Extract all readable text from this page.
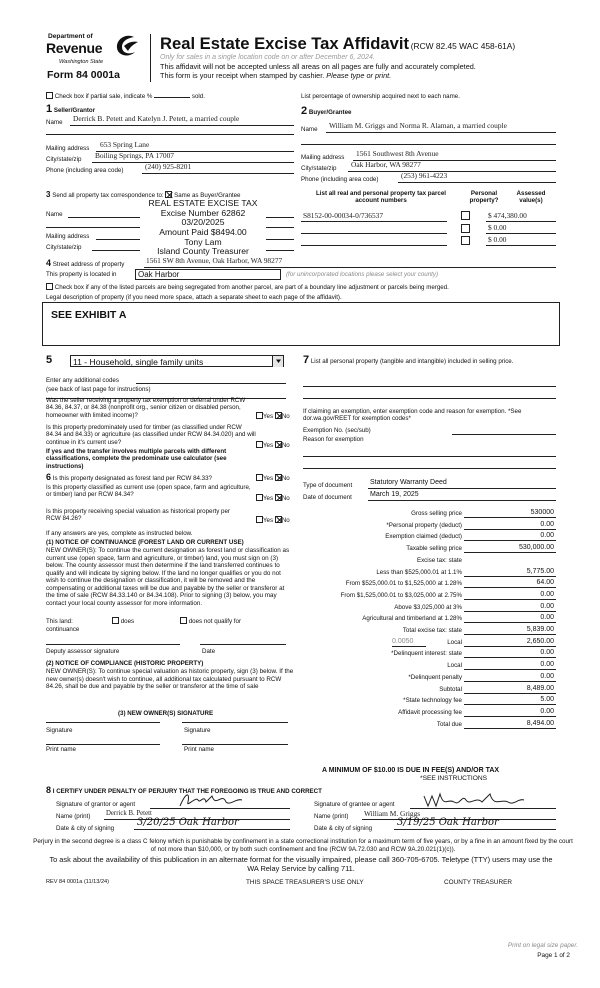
Department of
Revenue
Washington State
Form 84 0001a
Real Estate Excise Tax Affidavit (RCW 82.45 WAC 458-61A)
Only for sales in a single location code on or after December 6, 2024.
This affidavit will not be accepted unless all areas on all pages are fully and accurately completed.
This form is your receipt when stamped by cashier. Please type or print.
Check box if partial sale, indicate %	sold.	List percentage of ownership acquired next to each name.
1 Seller/Grantor
Name	Derrick B. Petett and Katelyn J. Petett, a married couple
Mailing address	653 Spring Lane
City/state/zip	Boiling Springs, PA 17007
Phone (including area code)	(240) 925-8201
2 Buyer/Grantee
Name	William M. Griggs and Norma R. Alaman, a married couple
Mailing address	1561 Southwest 8th Avenue
City/state/zip	Oak Harbor, WA 98277
Phone (including area code)	(253) 961-4223
3 Send all property tax correspondence to: Same as Buyer/Grantee
Name
Mailing address
City/state/zip
REAL ESTATE EXCISE TAX
Excise Number 62862
03/20/2025
Amount Paid $8494.00
Tony Lam
Island County Treasurer
List all real and personal property tax parcel account numbers
Personal property?
Assessed value(s)
S8152-00-00034-0/736537	$ 474,380.00
$ 0.00
$ 0.00
4 Street address of property	1561 SW 8th Avenue, Oak Harbor, WA 98277
This property is located in	Oak Harbor	(for unincorporated locations please select your county)
Check box if any of the listed parcels are being segregated from another parcel, are part of a boundary line adjustment or parcels being merged.
Legal description of property (if you need more space, attach a separate sheet to each page of the affidavit).
SEE EXHIBIT A
5 11 - Household, single family units
Enter any additional codes
(see back of last page for instructions)
Was the seller receiving a property tax exemption or deferral under RCW 84.36, 84.37, or 84.38 (nonprofit org., senior citizen or disabled person, homeowner with limited income)?	Yes No
Is this property predominately used for timber (as classified under RCW 84.34 and 84.33) or agriculture (as classified under RCW 84.34.020) and will continue in it's current use?
If yes and the transfer involves multiple parcels with different classifications, complete the predominate use calculator (see instructions)
Yes No
6 Is this property designated as forest land per RCW 84.33?	Yes No
Is this property classified as current use (open space, farm and agriculture, or timber) land per RCW 84.34?
Yes No
Is this property receiving special valuation as historical property per RCW 84.26?	Yes No
If any answers are yes, complete as instructed below.
(1) NOTICE OF CONTINUANCE (FOREST LAND OR CURRENT USE)
NEW OWNER(S): To continue the current designation as forest land or classification as current use (open space, farm and agriculture, or timber) land, you must sign on (3) below. The county assessor must then determine if the land transferred continues to qualify and will indicate by signing below. If the land no longer qualifies or you do not wish to continue the designation or classification, it will be removed and the compensating or additional taxes will be due and payable by the seller or transferor at the time of sale (RCW 84.33.140 or 84.34.108). Prior to signing (3) below, you may contact your local county assessor for more information.
This land:	does	does not qualify for
continuance
Deputy assessor signature	Date
(2) NOTICE OF COMPLIANCE (HISTORIC PROPERTY)
NEW OWNER(S): To continue special valuation as historic property, sign (3) below. If the new owner(s) doesn't wish to continue, all additional tax calculated pursuant to RCW 84.26, shall be due and payable by the seller or transferor at the time of sale
(3) NEW OWNER(S) SIGNATURE
Signature	Signature
Print name	Print name
7 List all personal property (tangible and intangible) included in selling price.
If claiming an exemption, enter exemption code and reason for exemption. *See dor.wa.gov/REET for exemption codes*
Exemption No. (sec/sub)
Reason for exemption
Type of document	Statutory Warranty Deed
Date of document	March 19, 2025
Gross selling price	530000
*Personal property (deduct)	0.00
Exemption claimed (deduct)	0.00
Taxable selling price	530,000.00
Excise tax: state
Less than $525,000.01 at 1.1%	5,775.00
From $525,000.01 to $1,525,000 at 1.28%	64.00
From $1,525,000.01 to $3,025,000 at 2.75%	0.00
Above $3,025,000 at 3%	0.00
Agricultural and timberland at 1.28%	0.00
Total excise tax: state	5,839.00
Local
0.0050	2,650.00
*Delinquent interest: state	0.00
Local	0.00
*Delinquent penalty	0.00
Subtotal	8,489.00
*State technology fee	5.00
Affidavit processing fee	0.00
Total due	8,494.00
A MINIMUM OF $10.00 IS DUE IN FEE(S) AND/OR TAX
*SEE INSTRUCTIONS
8 I CERTIFY UNDER PENALTY OF PERJURY THAT THE FOREGOING IS TRUE AND CORRECT
Signature of grantor or agent
Name (print) Derrick B. Petett
Date & city of signing
3/20/25 Oak Harbor
Signature of grantee or agent
Name (print) William M. Griggs
Date & city of signing
3/19/25 Oak Harbor
Perjury in the second degree is a class C felony which is punishable by confinement in a state correctional institution for a maximum term of five years, or by a fine in an amount fixed by the court of not more than $10,000, or by both such confinement and fine (RCW 9A.72.030 and RCW 9A.20.021(1)(c)).
To ask about the availability of this publication in an alternate format for the visually impaired, please call 360-705-6705. Teletype (TTY) users may use the WA Relay Service by calling 711.
REV 84 0001a (11/13/24)	THIS SPACE TREASURER'S USE ONLY	COUNTY TREASURER
Print on legal size paper.
Page 1 of 2
